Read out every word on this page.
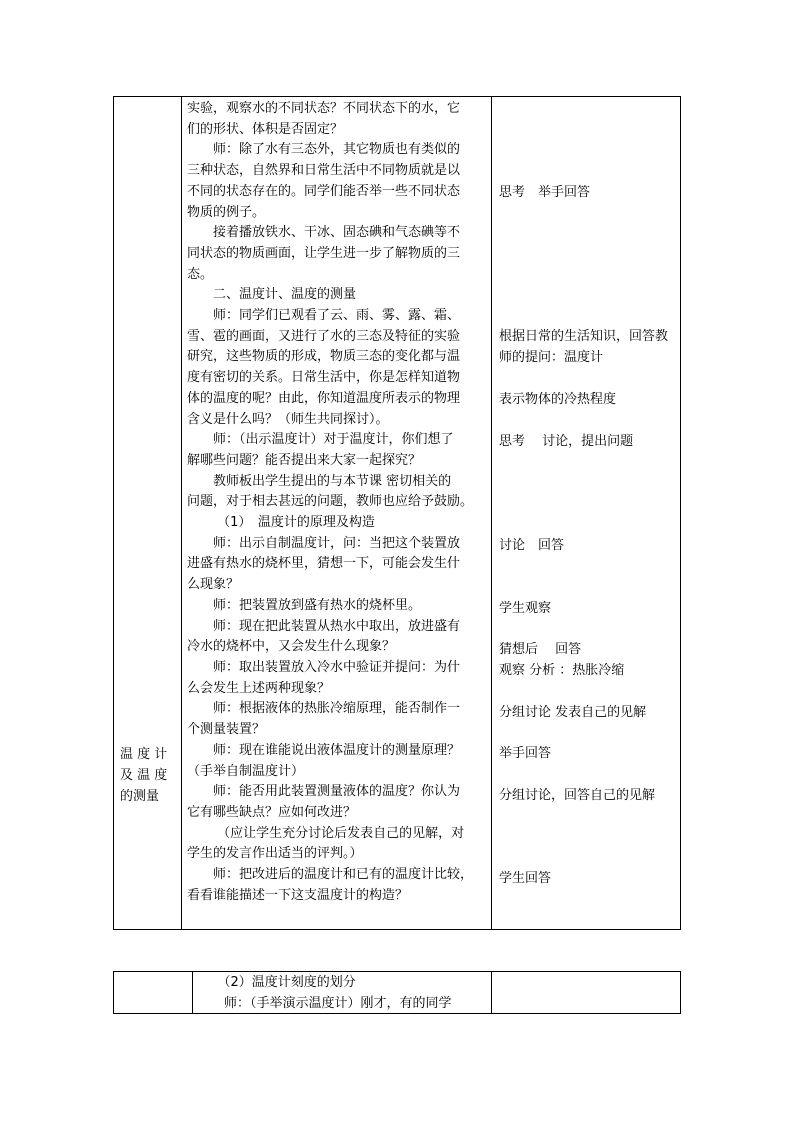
温 度 计
及 温 度
的测量
实验，观察水的不同状态？不同状态下的水，它
们的形状、体积是否固定？
　　师：除了水有三态外，其它物质也有类似的
三种状态，自然界和日常生活中不同物质就是以
不同的状态存在的。同学们能否举一些不同状态
物质的例子。
　　接着播放铁水、干冰、固态碘和气态碘等不
同状态的物质画面，让学生进一步了解物质的三
态。
　　二、温度计、温度的测量
　　师：同学们已观看了云、雨、雾、露、霜、
雪、雹的画面，又进行了水的三态及特征的实验
研究，这些物质的形成，物质三态的变化都与温
度有密切的关系。日常生活中，你是怎样知道物
体的温度的呢？由此，你知道温度所表示的物理
含义是什么吗？（师生共同探讨）。
　　师：（出示温度计）对于温度计，你们想了
解哪些问题？能否提出来大家一起探究？
　　教师板出学生提出的与本节课 密切相关的
问题，对于相去甚远的问题，教师也应给予鼓励。
　　 （1）　温度计的原理及构造
　　师：出示自制温度计，问：当把这个装置放
进盛有热水的烧杯里，猜想一下，可能会发生什
么现象？
　　师：把装置放到盛有热水的烧杯里。
　　师：现在把此装置从热水中取出，放进盛有
冷水的烧杯中，又会发生什么现象？
　　师：取出装置放入冷水中验证并提问：为什
么会发生上述两种现象？
　　师：根据液体的热胀冷缩原理，能否制作一
个测量装置？
　　师：现在谁能说出液体温度计的测量原理？
（手举自制温度计）
　　师：能否用此装置测量液体的温度？你认为
它有哪些缺点？应如何改进？
　　 （应让学生充分讨论后发表自己的见解，对
学生的发言作出适当的评判。）
　　师：把改进后的温度计和已有的温度计比较，
看看谁能描述一下这支温度计的构造？
思考　举手回答
根据日常的生活知识，回答教
师的提问：温度计
表示物体的冷热程度
思考　 讨论，提出问题
讨论　回答
学生观察
猜想后　 回答
观察 分析 ：热胀冷缩
分组讨论 发表自己的见解
举手回答
分组讨论，回答自己的见解
学生回答
　　（2）温度计刻度的划分
　　师：（手举演示温度计）刚才，有的同学
